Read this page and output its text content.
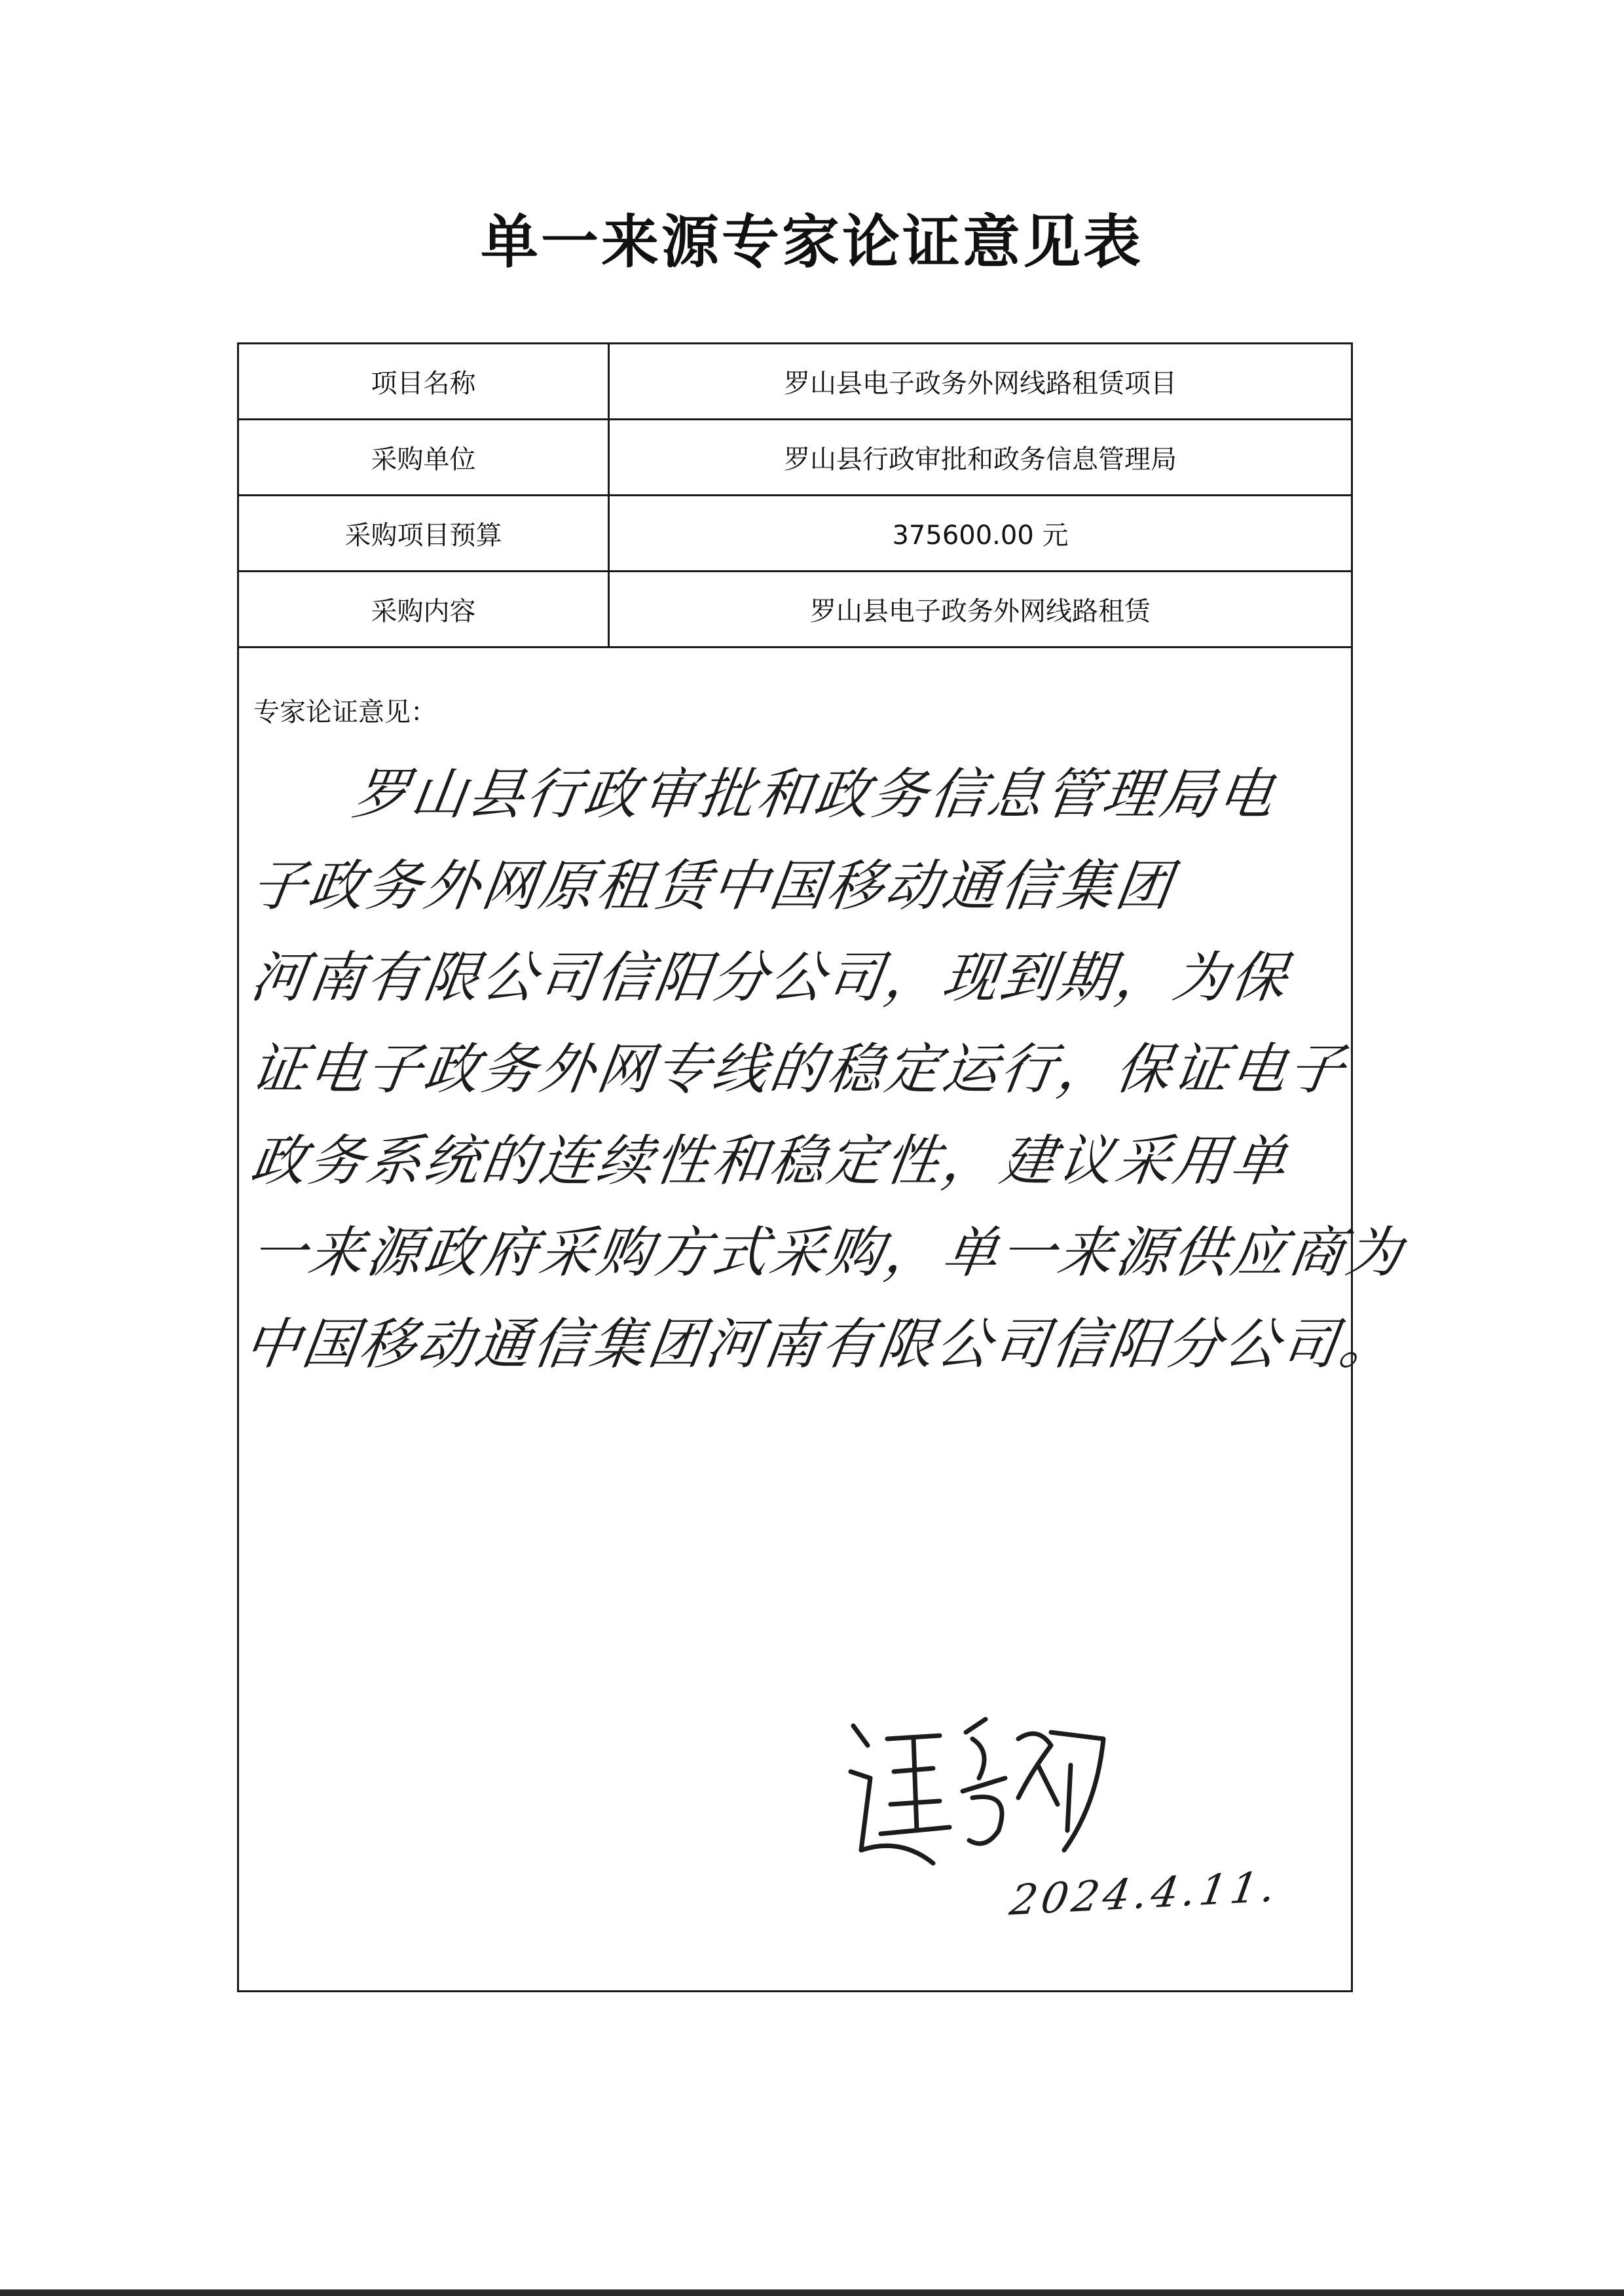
单一来源专家论证意见表
项目名称	罗山县电子政务外网线路租赁项目
采购单位	罗山县行政审批和政务信息管理局
采购项目预算	375600.00 元
采购内容	罗山县电子政务外网线路租赁
专家论证意见：
罗山县行政审批和政务信息管理局电
子政务外网原租赁中国移动通信集团
河南有限公司信阳分公司，现到期，为保
证电子政务外网专线的稳定运行，保证电子
政务系统的连续性和稳定性，建议采用单
一来源政府采购方式采购，单一来源供应商为
中国移动通信集团河南有限公司信阳分公司。
2024.4.11.
